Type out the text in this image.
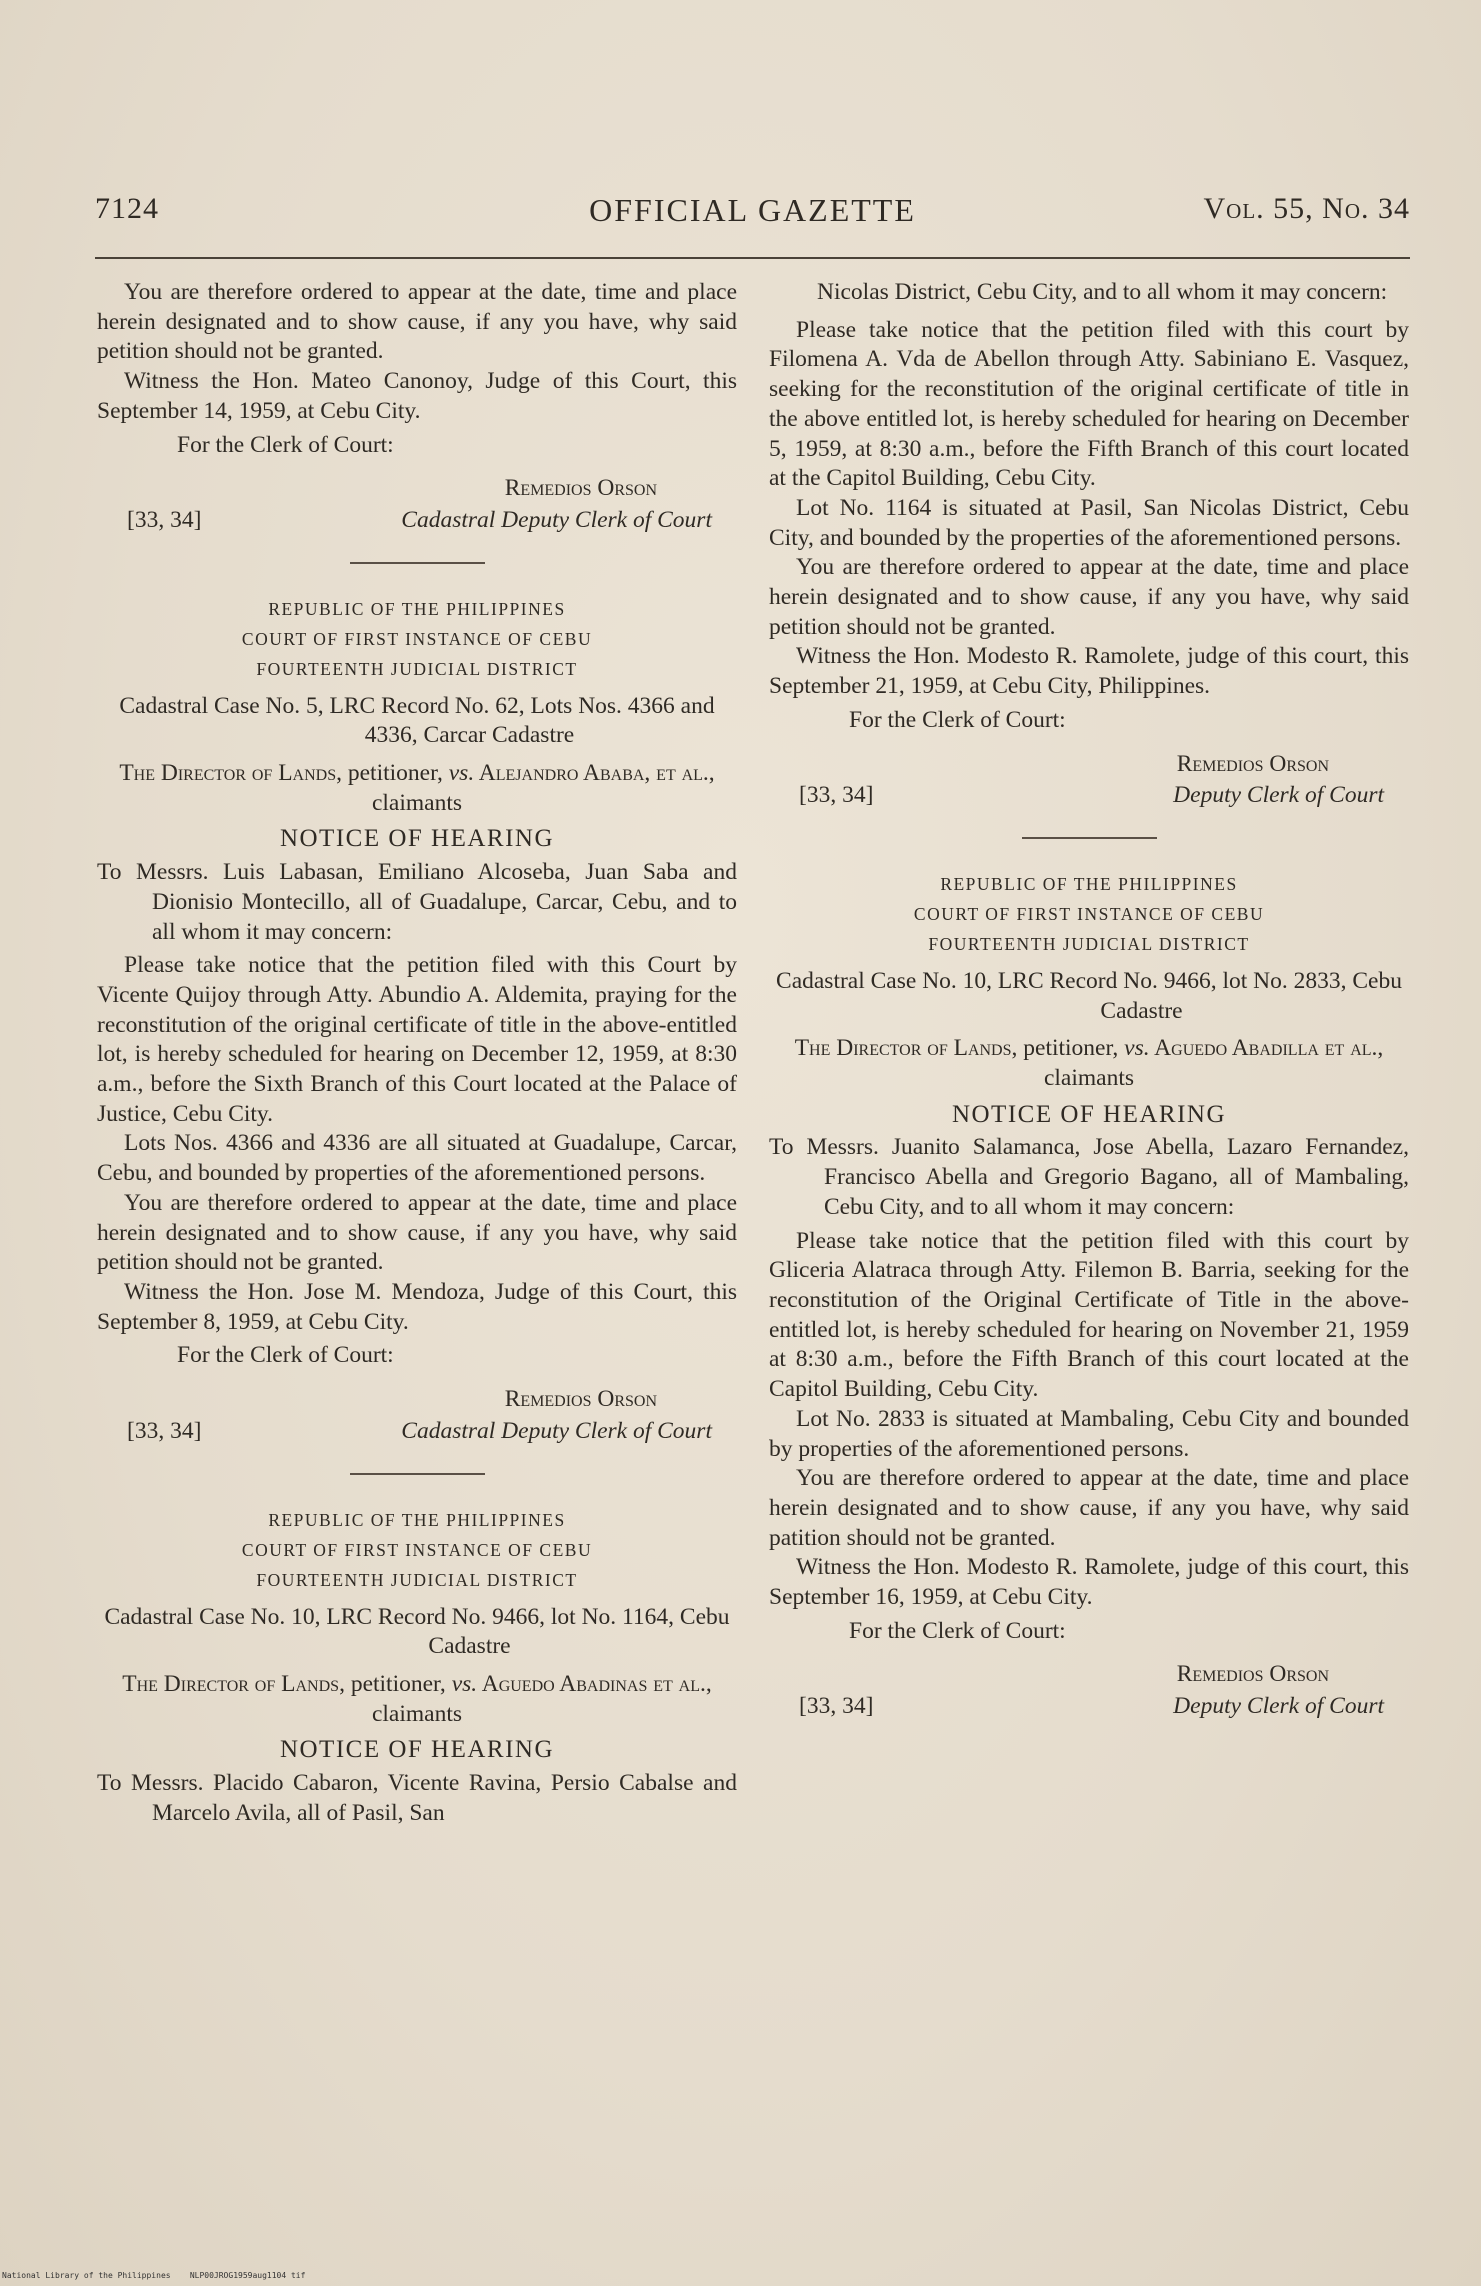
7124	OFFICIAL GAZETTE	Vol. 55, No. 34

You are therefore ordered to appear at the date, time and place herein designated and to show cause, if any you have, why said petition should not be granted.

Witness the Hon. Mateo Canonoy, Judge of this Court, this September 14, 1959, at Cebu City.

For the Clerk of Court:

Remedios Orson
[33, 34]	Cadastral Deputy Clerk of Court
REPUBLIC OF THE PHILIPPINES
COURT OF FIRST INSTANCE OF CEBU
FOURTEENTH JUDICIAL DISTRICT

Cadastral Case No. 5, LRC Record No. 62, Lots Nos. 4366 and 4336, Carcar Cadastre

The Director of Lands, petitioner, vs. Alejandro Ababa, et al., claimants

NOTICE OF HEARING

To Messrs. Luis Labasan, Emiliano Alcoseba, Juan Saba and Dionisio Montecillo, all of Guadalupe, Carcar, Cebu, and to all whom it may concern:

Please take notice that the petition filed with this Court by Vicente Quijoy through Atty. Abundio A. Aldemita, praying for the reconstitution of the original certificate of title in the above-entitled lot, is hereby scheduled for hearing on December 12, 1959, at 8:30 a.m., before the Sixth Branch of this Court located at the Palace of Justice, Cebu City.

Lots Nos. 4366 and 4336 are all situated at Guadalupe, Carcar, Cebu, and bounded by properties of the aforementioned persons.

You are therefore ordered to appear at the date, time and place herein designated and to show cause, if any you have, why said petition should not be granted.

Witness the Hon. Jose M. Mendoza, Judge of this Court, this September 8, 1959, at Cebu City.

For the Clerk of Court:

Remedios Orson
[33, 34]	Cadastral Deputy Clerk of Court
REPUBLIC OF THE PHILIPPINES
COURT OF FIRST INSTANCE OF CEBU
FOURTEENTH JUDICIAL DISTRICT

Cadastral Case No. 10, LRC Record No. 9466, lot No. 1164, Cebu Cadastre

The Director of Lands, petitioner, vs. Aguedo Abadinas et al., claimants

NOTICE OF HEARING

To Messrs. Placido Cabaron, Vicente Ravina, Persio Cabalse and Marcelo Avila, all of Pasil, San

Nicolas District, Cebu City, and to all whom it may concern:

Please take notice that the petition filed with this court by Filomena A. Vda de Abellon through Atty. Sabiniano E. Vasquez, seeking for the reconstitution of the original certificate of title in the above entitled lot, is hereby scheduled for hearing on December 5, 1959, at 8:30 a.m., before the Fifth Branch of this court located at the Capitol Building, Cebu City.

Lot No. 1164 is situated at Pasil, San Nicolas District, Cebu City, and bounded by the properties of the aforementioned persons.

You are therefore ordered to appear at the date, time and place herein designated and to show cause, if any you have, why said petition should not be granted.

Witness the Hon. Modesto R. Ramolete, judge of this court, this September 21, 1959, at Cebu City, Philippines.

For the Clerk of Court:

Remedios Orson
[33, 34]	Deputy Clerk of Court
REPUBLIC OF THE PHILIPPINES
COURT OF FIRST INSTANCE OF CEBU
FOURTEENTH JUDICIAL DISTRICT

Cadastral Case No. 10, LRC Record No. 9466, lot No. 2833, Cebu Cadastre

The Director of Lands, petitioner, vs. Aguedo Abadilla et al., claimants

NOTICE OF HEARING

To Messrs. Juanito Salamanca, Jose Abella, Lazaro Fernandez, Francisco Abella and Gregorio Bagano, all of Mambaling, Cebu City, and to all whom it may concern:

Please take notice that the petition filed with this court by Gliceria Alatraca through Atty. Filemon B. Barria, seeking for the reconstitution of the Original Certificate of Title in the above-entitled lot, is hereby scheduled for hearing on November 21, 1959 at 8:30 a.m., before the Fifth Branch of this court located at the Capitol Building, Cebu City.

Lot No. 2833 is situated at Mambaling, Cebu City and bounded by properties of the aforementioned persons.

You are therefore ordered to appear at the date, time and place herein designated and to show cause, if any you have, why said patition should not be granted.

Witness the Hon. Modesto R. Ramolete, judge of this court, this September 16, 1959, at Cebu City.

For the Clerk of Court:

Remedios Orson
[33, 34]	Deputy Clerk of Court
National Library of the Philippines    NLP00JROG1959aug1104 tif
